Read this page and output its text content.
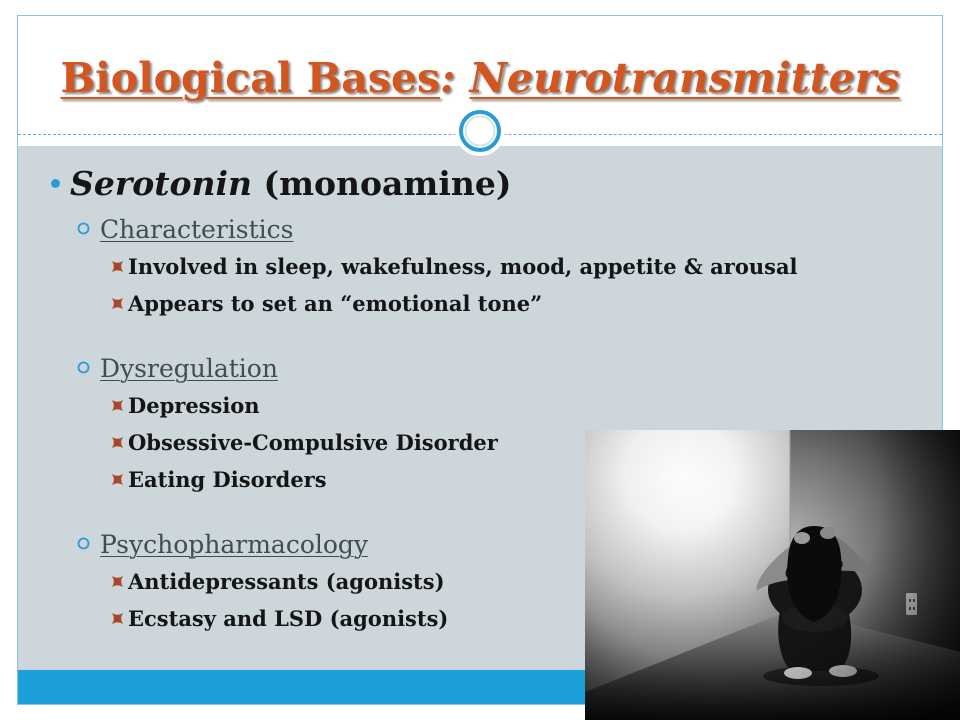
Biological Bases: Neurotransmitters
Serotonin (monoamine)
Characteristics
Involved in sleep, wakefulness, mood, appetite & arousal
Appears to set an “emotional tone”
Dysregulation
Depression
Obsessive-Compulsive Disorder
Eating Disorders
Psychopharmacology
Antidepressants (agonists)
Ecstasy and LSD (agonists)
